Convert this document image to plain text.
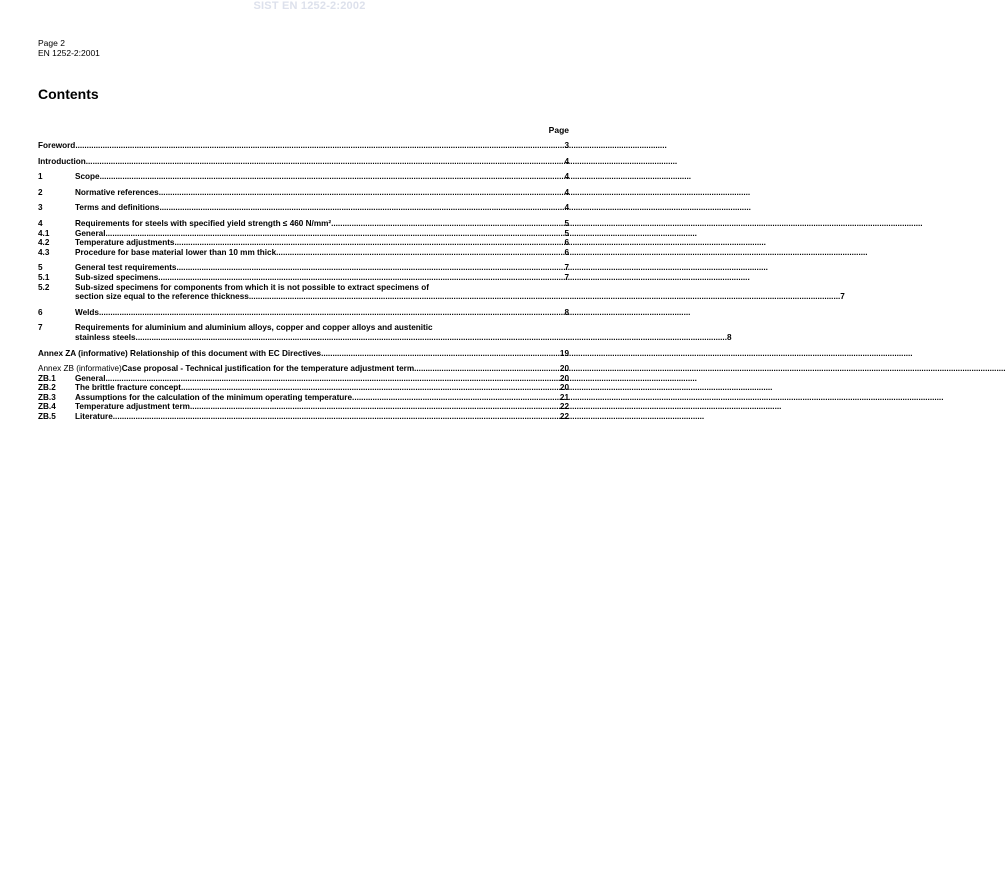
SIST EN 1252-2:2002
Page 2
EN 1252-2:2001
Contents
Page
Foreword .....	3
Introduction .....	4
1	Scope .....	4
2	Normative references .....	4
3	Terms and definitions .....	4
4	Requirements for steels with specified yield strength ≤ 460 N/mm² .....	5
4.1	General .....	5
4.2	Temperature adjustments .....	6
4.3	Procedure for base material lower than 10 mm thick .....	6
5	General test requirements .....	7
5.1	Sub-sized specimens .....	7
5.2	Sub-sized specimens for components from which it is not possible to extract specimens of
section size equal to the reference thickness .....	7
6	Welds .....	8
7	Requirements for aluminium and aluminium alloys, copper and copper alloys and austenitic
stainless steels .....	8
Annex ZA (informative) Relationship of this document with EC Directives .....	19
Annex ZB (informative) Case proposal - Technical justification for the temperature adjustment term .....	20
ZB.1	General .....	20
ZB.2	The brittle fracture concept .....	20
ZB.3	Assumptions for the calculation of the minimum operating temperature .....	21
ZB.4	Temperature adjustment term .....	22
ZB.5	Literature .....	22
